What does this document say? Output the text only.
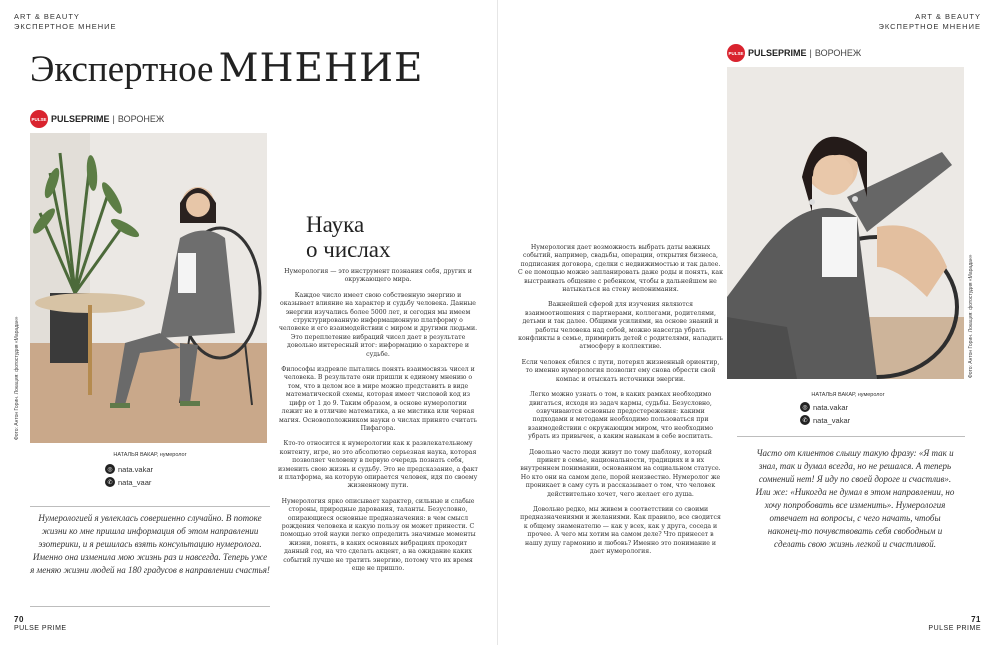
ART & BEAUTY
ЭКСПЕРТНОЕ МНЕНИЕ
ART & BEAUTY
ЭКСПЕРТНОЕ МНЕНИЕ
Экспертное МНЕНИЕ
PULSE PULSEPRIME | ВОРОНЕЖ
Фото: Антон Горин. Локация: фотостудия «Марадан»
НАТАЛЬЯ ВАКАР, нумеролог
◎ nata.vakar
✆ nata_vaar
Нумерологией я увлеклась совершенно случайно. В потоке жизни ко мне пришла информация об этом направлении эзотерики, и я решилась взять консультацию нумеролога. Именно она изменила мою жизнь раз и навсегда. Теперь уже я меняю жизни людей на 180 градусов в направлении счастья!
Наука
о числах

Нумерология — это инструмент познания себя, других и окружающего мира.

Каждое число имеет свою собственную энергию и оказывает влияние на характер и судьбу человека. Данные энергии изучались более 5000 лет, и сегодня мы имеем структурированную информационную платформу о человеке и его взаимодействии с миром и другими людьми. Это переплетение вибраций чисел дает в результате довольно интересный итог: информацию о характере и судьбе.

Философы издревле пытались понять взаимосвязь чисел и человека. В результате они пришли к единому мнению о том, что в целом все в мире можно представить в виде математической схемы, которая имеет числовой код из цифр от 1 до 9. Таким образом, в основе нумерологии лежит не в отличие математика, а не мистика или черная магия. Основоположником науки о числах принято считать Пифагора.

Кто-то относится к нумерологии как к развлекательному контенту, игре, но это абсолютно серьезная наука, которая позволяет человеку в первую очередь познать себя, изменить свою жизнь и судьбу. Это не предсказание, а факт и платформа, на которую опирается человек, идя по своему жизненному пути.

Нумерология ярко описывает характер, сильные и слабые стороны, природные дарования, таланты. Безусловно, опирающиеся основные предназначения: в чем смысл рождения человека и какую пользу он может принести. С помощью этой науки легко определить значимые моменты жизни, понять, в каких основных вибрациях проходит данный год, на что сделать акцент, а на ожидание каких событий лучше не тратить энергию, потому что их время еще не пришло.

Нумерология дает возможность выбрать даты важных событий, например, свадьбы, операции, открытия бизнеса, подписания договора, сделки с недвижимостью и так далее. С ее помощью можно запланировать даже роды и понять, как выстраивать общение с ребенком, чтобы в дальнейшем не натыкаться на стену непонимания.

Важнейшей сферой для изучения являются взаимоотношения с партнерами, коллегами, родителями, детьми и так далее. Общими усилиями, на основе знаний и работы человека над собой, можно навсегда убрать конфликты в семье, примирить детей с родителями, наладить атмосферу в коллективе.

Если человек сбился с пути, потерял жизненный ориентир, то именно нумерология позволит ему снова обрести свой компас и отыскать источники энергии.

Легко можно узнать о том, в каких рамках необходимо двигаться, исходя из задач кармы, судьбы. Безусловно, озвучиваются основные предостережения: какими подходами и методами необходимо пользоваться при взаимодействии с окружающим миром, что необходимо убрать из привычек, а каким навыкам в себе воспитать.

Довольно часто люди живут по тому шаблону, который принят в семье, национальности, традициях и в их внутреннем понимании, основанном на социальном статусе. Но кто они на самом деле, порой неизвестно. Нумеролог же проникает в саму суть и рассказывает о том, что человек действительно хочет, чего желает его душа.

Довольно редко, мы живем в соответствии со своими предназначениями и желаниями. Как правило, все сводится к общему знаменателю — как у всех, как у друга, соседа и прочее. А чего мы хотим на самом деле? Что принесет в нашу душу гармонию и любовь? Именно это понимание и дает нумерология.

PULSE PULSEPRIME | ВОРОНЕЖ
Фото: Антон Горин. Локация: фотостудия «Марадан»
НАТАЛЬЯ ВАКАР, нумеролог
◎ nata.vakar
✆ nata_vakar
Часто от клиентов слышу такую фразу: «Я так и знал, так и думал всегда, но не решался. А теперь сомнений нет! Я иду по своей дороге и счастлив». Или же: «Никогда не думал в этом направлении, но хочу попробовать все изменить». Нумерология отвечает на вопросы, с чего начать, чтобы наконец-то почувствовать себя свободным и сделать свою жизнь легкой и счастливой.
70
PULSE PRIME
71
PULSE PRIME
